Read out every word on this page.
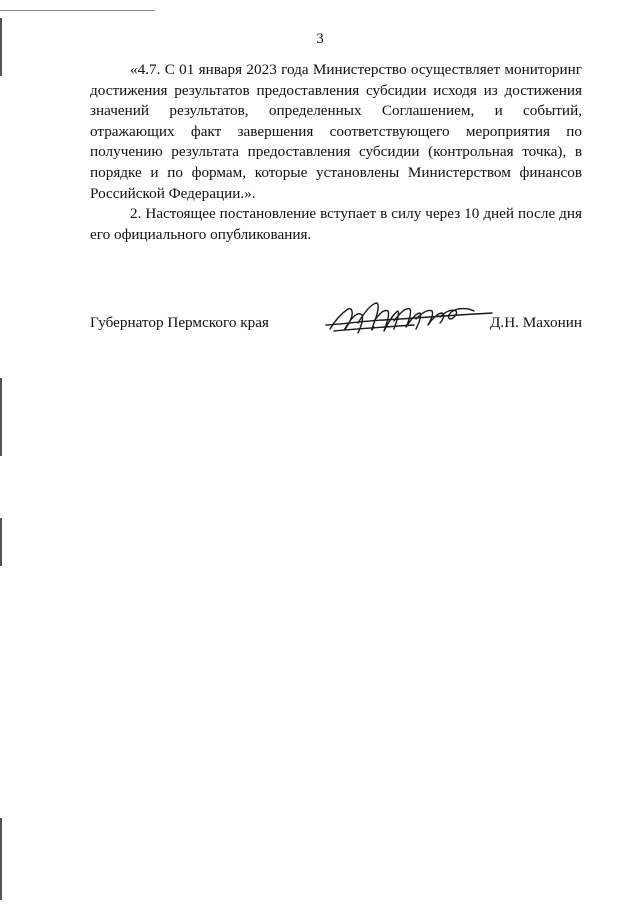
3

«4.7. С 01 января 2023 года Министерство осуществляет мониторинг достижения результатов предоставления субсидии исходя из достижения значений результатов, определенных Соглашением, и событий, отражающих факт завершения соответствующего мероприятия по получению результата предоставления субсидии (контрольная точка), в порядке и по формам, которые установлены Министерством финансов Российской Федерации.».

2. Настоящее постановление вступает в силу через 10 дней после дня его официального опубликования.

Губернатор Пермского края	Д.Н. Махонин
